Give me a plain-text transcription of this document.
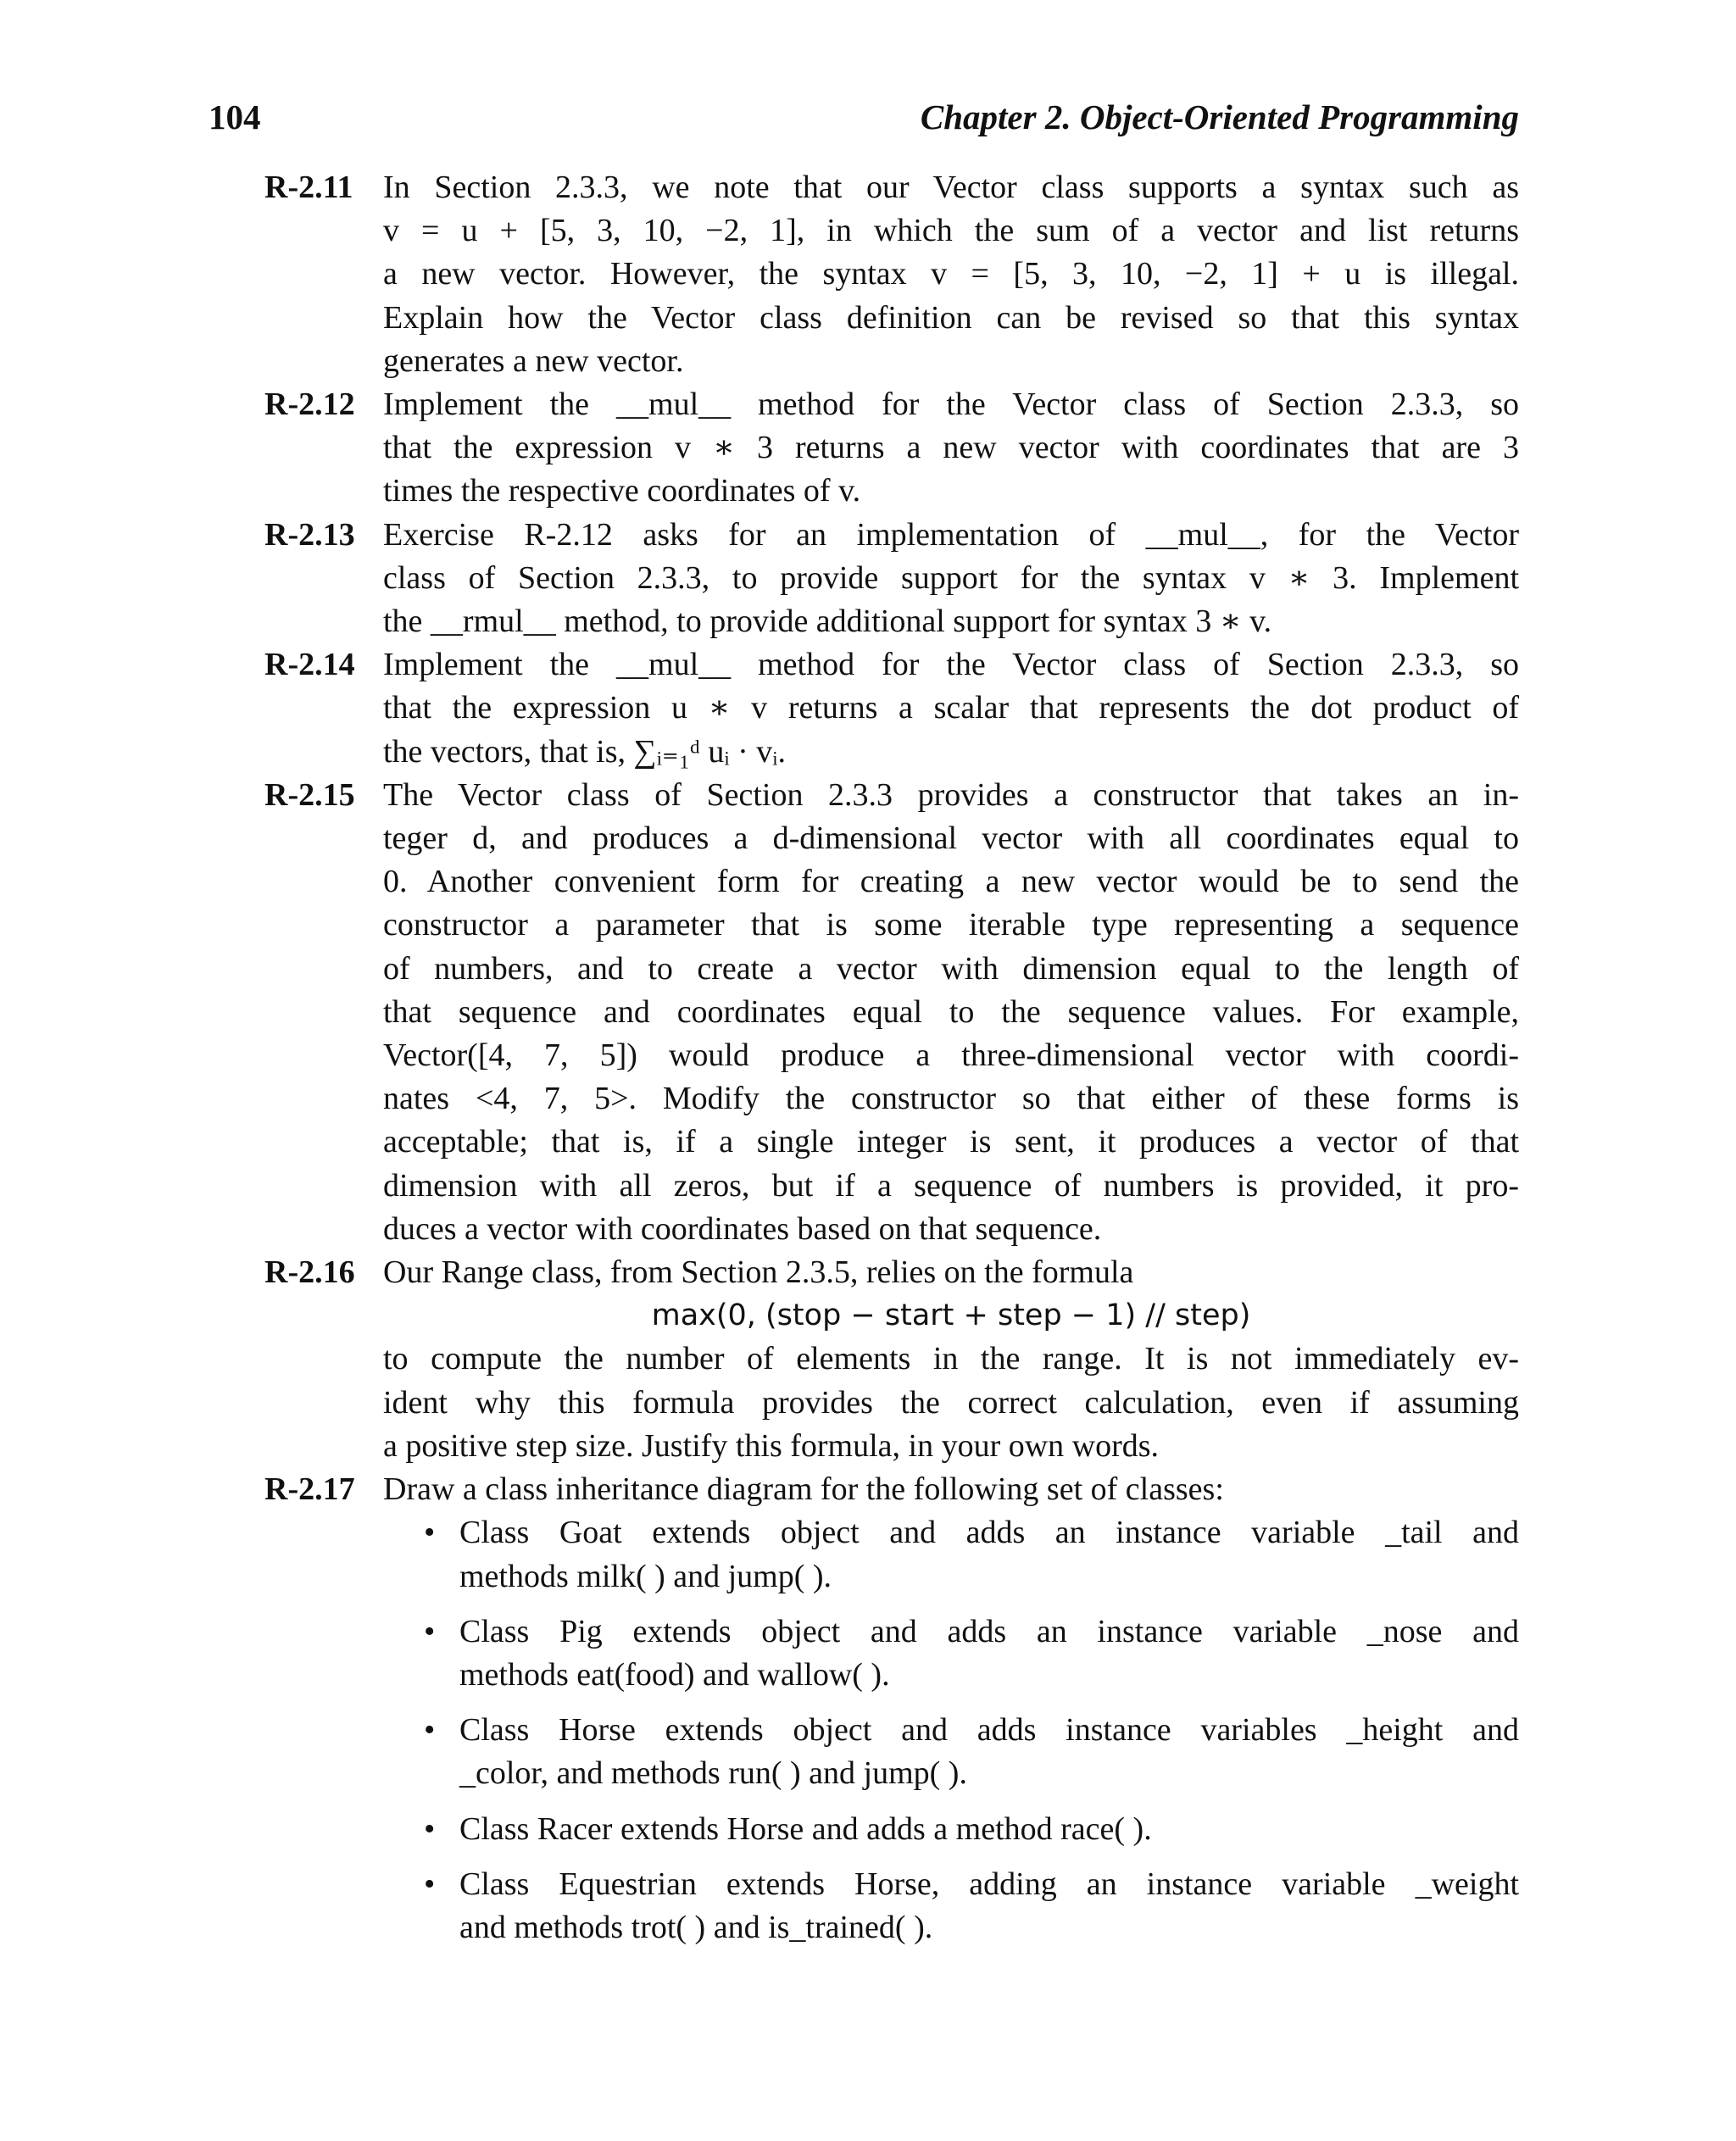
104	Chapter 2. Object-Oriented Programming
R-2.11 In Section 2.3.3, we note that our Vector class supports a syntax such as
v = u + [5, 3, 10, −2, 1], in which the sum of a vector and list returns
a new vector. However, the syntax v = [5, 3, 10, −2, 1] + u is illegal.
Explain how the Vector class definition can be revised so that this syntax
generates a new vector.
R-2.12 Implement the __mul__ method for the Vector class of Section 2.3.3, so
that the expression v ∗ 3 returns a new vector with coordinates that are 3
times the respective coordinates of v.
R-2.13 Exercise R-2.12 asks for an implementation of __mul__, for the Vector
class of Section 2.3.3, to provide support for the syntax v ∗ 3. Implement
the __rmul__ method, to provide additional support for syntax 3 ∗ v.
R-2.14 Implement the __mul__ method for the Vector class of Section 2.3.3, so
that the expression u ∗ v returns a scalar that represents the dot product of
the vectors, that is, ∑ᵢ₌₁ᵈ uᵢ · vᵢ.
R-2.15 The Vector class of Section 2.3.3 provides a constructor that takes an in-
teger d, and produces a d-dimensional vector with all coordinates equal to
0. Another convenient form for creating a new vector would be to send the
constructor a parameter that is some iterable type representing a sequence
of numbers, and to create a vector with dimension equal to the length of
that sequence and coordinates equal to the sequence values. For example,
Vector([4, 7, 5]) would produce a three-dimensional vector with coordi-
nates <4, 7, 5>. Modify the constructor so that either of these forms is
acceptable; that is, if a single integer is sent, it produces a vector of that
dimension with all zeros, but if a sequence of numbers is provided, it pro-
duces a vector with coordinates based on that sequence.
R-2.16 Our Range class, from Section 2.3.5, relies on the formula
max(0, (stop − start + step − 1) // step)
to compute the number of elements in the range. It is not immediately ev-
ident why this formula provides the correct calculation, even if assuming
a positive step size. Justify this formula, in your own words.
R-2.17 Draw a class inheritance diagram for the following set of classes:
• Class Goat extends object and adds an instance variable _tail and
methods milk( ) and jump( ).
• Class Pig extends object and adds an instance variable _nose and
methods eat(food) and wallow( ).
• Class Horse extends object and adds instance variables _height and
_color, and methods run( ) and jump( ).
• Class Racer extends Horse and adds a method race( ).
• Class Equestrian extends Horse, adding an instance variable _weight
and methods trot( ) and is_trained( ).
